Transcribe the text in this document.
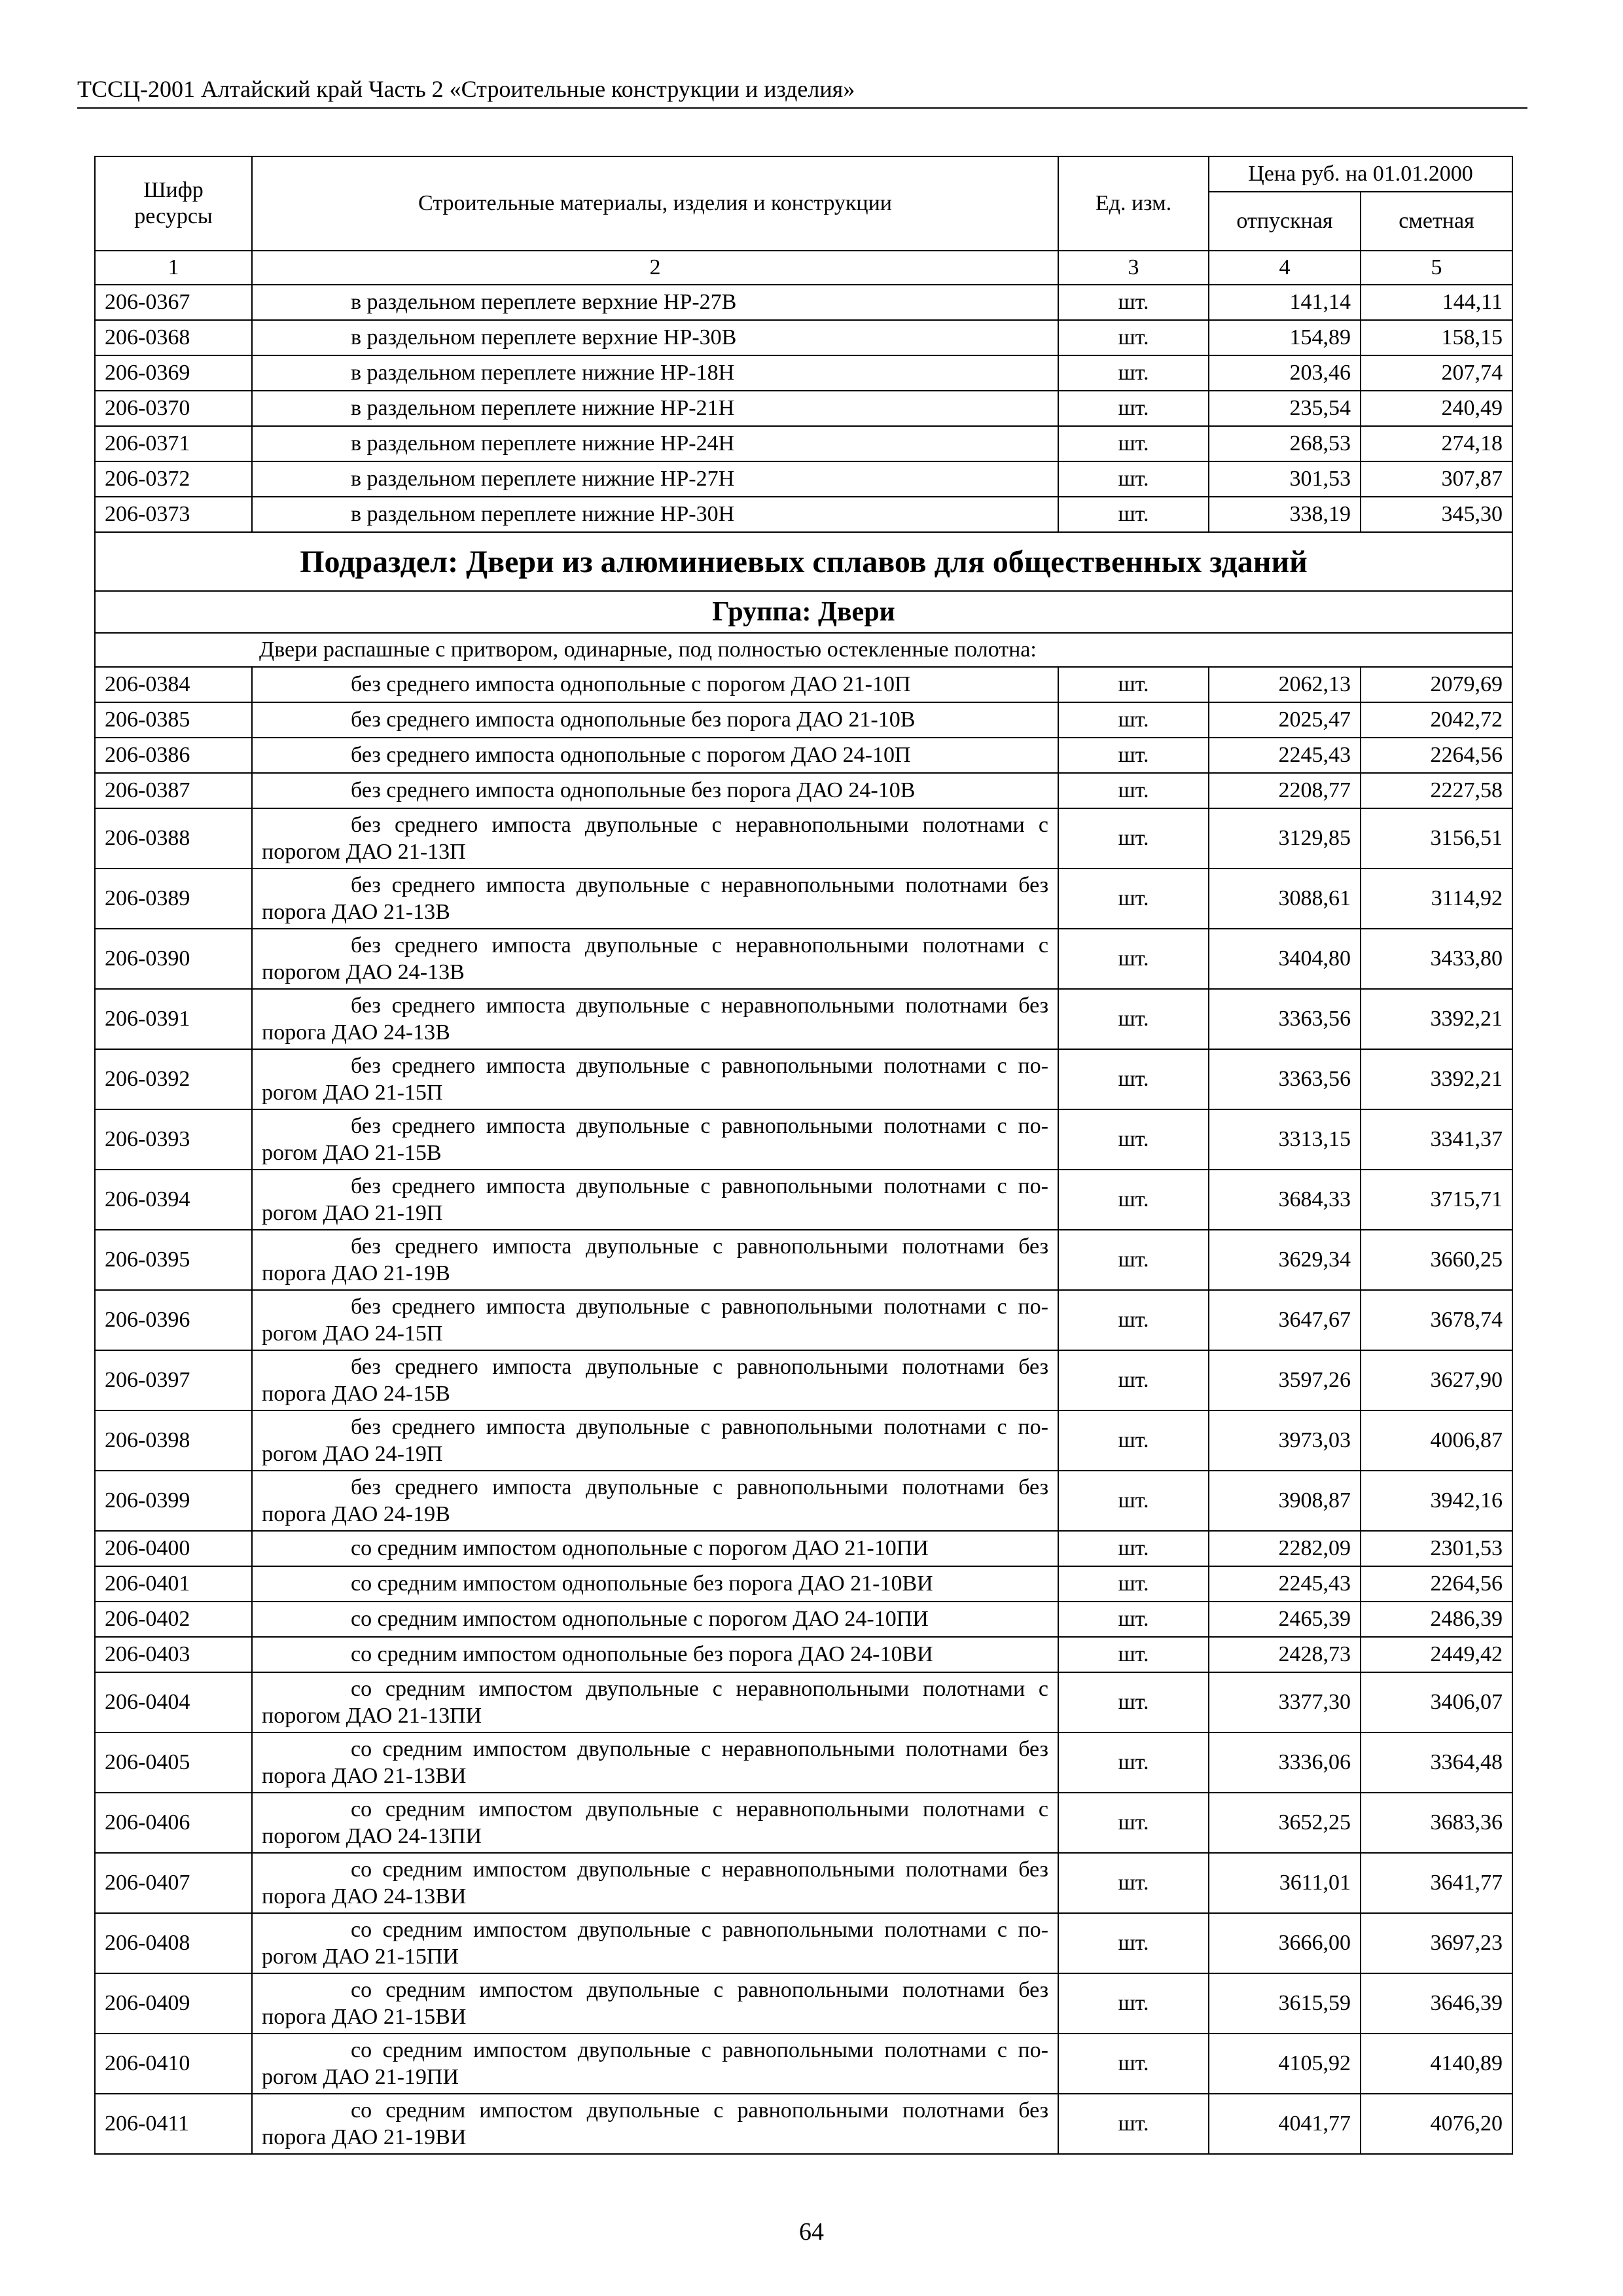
ТССЦ-2001 Алтайский край Часть 2 «Строительные конструкции и изделия»
Шифр ресурсы	Строительные материалы, изделия и конструкции	Ед. изм.	Цена руб. на 01.01.2000	
			отпускная	сметная
1	2	3	4	5
206-0367	в раздельном переплете верхние НР-27В	шт.	141,14	144,11
206-0368	в раздельном переплете верхние НР-30В	шт.	154,89	158,15
206-0369	в раздельном переплете нижние НР-18Н	шт.	203,46	207,74
206-0370	в раздельном переплете нижние НР-21Н	шт.	235,54	240,49
206-0371	в раздельном переплете нижние НР-24Н	шт.	268,53	274,18
206-0372	в раздельном переплете нижние НР-27Н	шт.	301,53	307,87
206-0373	в раздельном переплете нижние НР-30Н	шт.	338,19	345,30
Подраздел: Двери из алюминиевых сплавов для общественных зданий				
Группа: Двери				
Двери распашные с притвором, одинарные, под полностью остекленные полотна:				
206-0384	без среднего импоста однопольные с порогом ДАО 21-10П	шт.	2062,13	2079,69
206-0385	без среднего импоста однопольные без порога ДАО 21-10В	шт.	2025,47	2042,72
206-0386	без среднего импоста однопольные с порогом ДАО 24-10П	шт.	2245,43	2264,56
206-0387	без среднего импоста однопольные без порога ДАО 24-10В	шт.	2208,77	2227,58
206-0388	без среднего импоста двупольные с неравнопольными полотнами с порогом ДАО 21-13П	шт.	3129,85	3156,51
206-0389	без среднего импоста двупольные с неравнопольными полотнами без порога ДАО 21-13В	шт.	3088,61	3114,92
206-0390	без среднего импоста двупольные с неравнопольными полотнами с порогом ДАО 24-13В	шт.	3404,80	3433,80
206-0391	без среднего импоста двупольные с неравнопольными полотнами без порога ДАО 24-13В	шт.	3363,56	3392,21
206-0392	без среднего импоста двупольные с равнопольными полотнами с по-рогом ДАО 21-15П	шт.	3363,56	3392,21
206-0393	без среднего импоста двупольные с равнопольными полотнами с по-рогом ДАО 21-15В	шт.	3313,15	3341,37
206-0394	без среднего импоста двупольные с равнопольными полотнами с по-рогом ДАО 21-19П	шт.	3684,33	3715,71
206-0395	без среднего импоста двупольные с равнопольными полотнами без порога ДАО 21-19В	шт.	3629,34	3660,25
206-0396	без среднего импоста двупольные с равнопольными полотнами с по-рогом ДАО 24-15П	шт.	3647,67	3678,74
206-0397	без среднего импоста двупольные с равнопольными полотнами без порога ДАО 24-15В	шт.	3597,26	3627,90
206-0398	без среднего импоста двупольные с равнопольными полотнами с по-рогом ДАО 24-19П	шт.	3973,03	4006,87
206-0399	без среднего импоста двупольные с равнопольными полотнами без порога ДАО 24-19В	шт.	3908,87	3942,16
206-0400	со средним импостом однопольные с порогом ДАО 21-10ПИ	шт.	2282,09	2301,53
206-0401	со средним импостом однопольные без порога ДАО 21-10ВИ	шт.	2245,43	2264,56
206-0402	со средним импостом однопольные с порогом ДАО 24-10ПИ	шт.	2465,39	2486,39
206-0403	со средним импостом однопольные без порога ДАО 24-10ВИ	шт.	2428,73	2449,42
206-0404	со средним импостом двупольные с неравнопольными полотнами с порогом ДАО 21-13ПИ	шт.	3377,30	3406,07
206-0405	со средним импостом двупольные с неравнопольными полотнами без порога ДАО 21-13ВИ	шт.	3336,06	3364,48
206-0406	со средним импостом двупольные с неравнопольными полотнами с порогом ДАО 24-13ПИ	шт.	3652,25	3683,36
206-0407	со средним импостом двупольные с неравнопольными полотнами без порога ДАО 24-13ВИ	шт.	3611,01	3641,77
206-0408	со средним импостом двупольные с равнопольными полотнами с по-рогом ДАО 21-15ПИ	шт.	3666,00	3697,23
206-0409	со средним импостом двупольные с равнопольными полотнами без порога ДАО 21-15ВИ	шт.	3615,59	3646,39
206-0410	со средним импостом двупольные с равнопольными полотнами с по-рогом ДАО 21-19ПИ	шт.	4105,92	4140,89
206-0411	со средним импостом двупольные с равнопольными полотнами без порога ДАО 21-19ВИ	шт.	4041,77	4076,20
64
